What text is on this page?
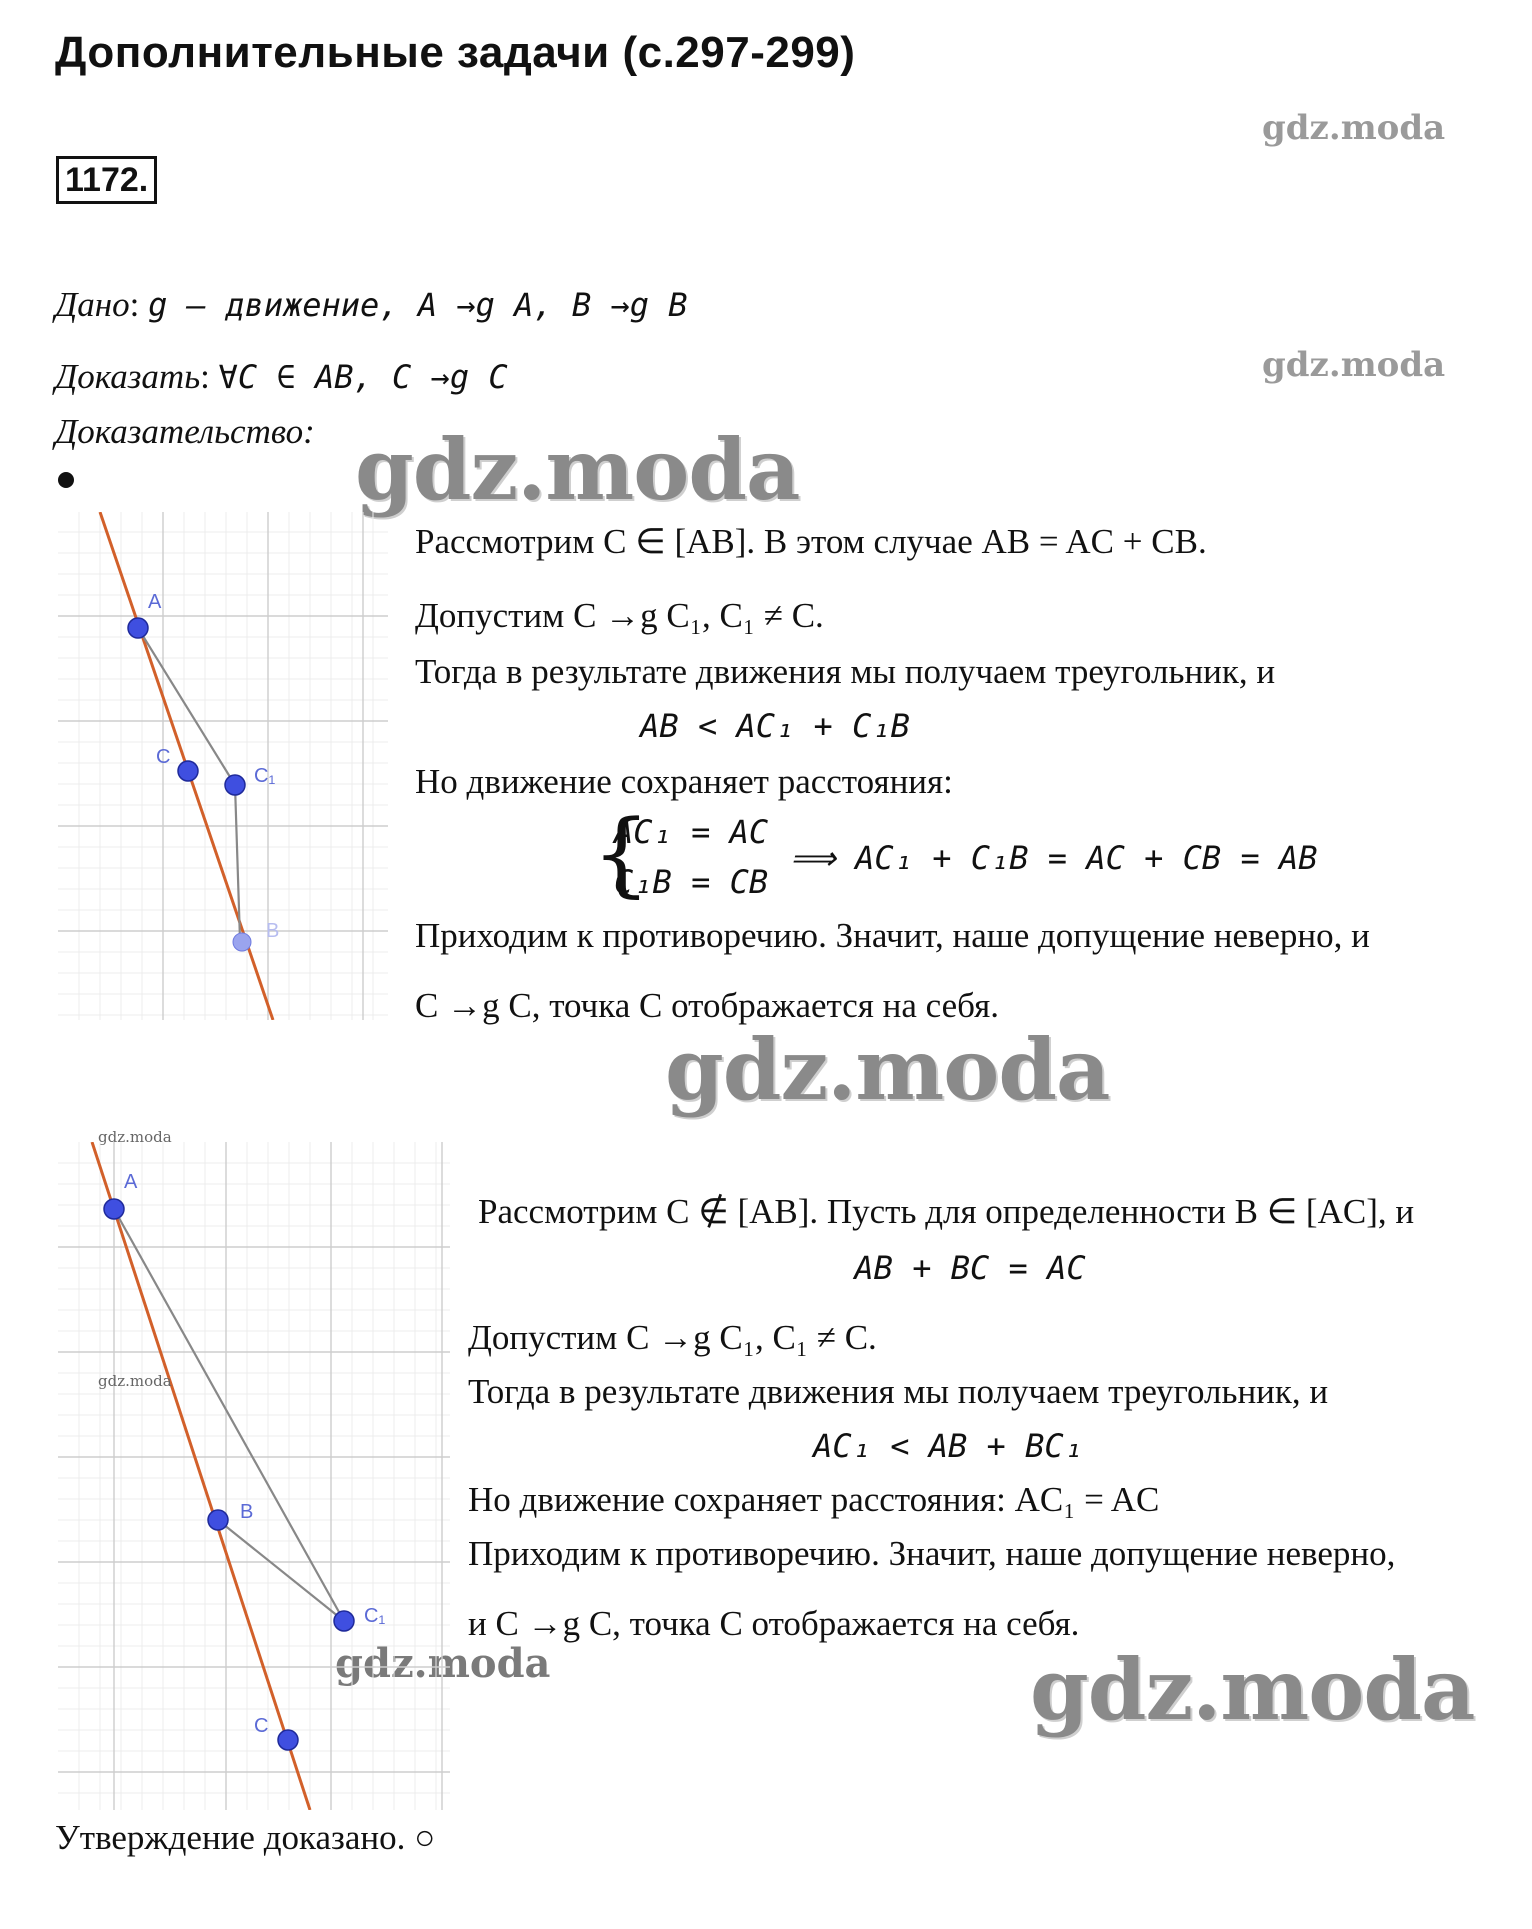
Дополнительные задачи (с.297-299)
1172.
gdz.moda
gdz.moda
gdz.moda
gdz.moda
gdz.moda
gdz.moda
Дано: g – движение, A →g A, B →g B
Доказать: ∀C ∈ AB, C →g C
Доказательство:
A
C
C₁
B
Рассмотрим C ∈ [AB]. В этом случае AB = AC + CB.
Допустим C →g C₁, C₁ ≠ C.
Тогда в результате движения мы получаем треугольник, и
AB < AC₁ + C₁B
Но движение сохраняет расстояния:
{
AC₁ = AC
C₁B = CB
⟹ AC₁ + C₁B = AC + CB = AB
Приходим к противоречию. Значит, наше допущение неверно, и
C →g C, точка C отображается на себя.
gdz.moda
A
B
C₁
C
gdz.moda
Рассмотрим C ∉ [AB]. Пусть для определенности B ∈ [AC], и
AB + BC = AC
Допустим C →g C₁, C₁ ≠ C.
Тогда в результате движения мы получаем треугольник, и
AC₁ < AB + BC₁
Но движение сохраняет расстояния: AC₁ = AC
Приходим к противоречию. Значит, наше допущение неверно,
и C →g C, точка C отображается на себя.
Утверждение доказано. ○
